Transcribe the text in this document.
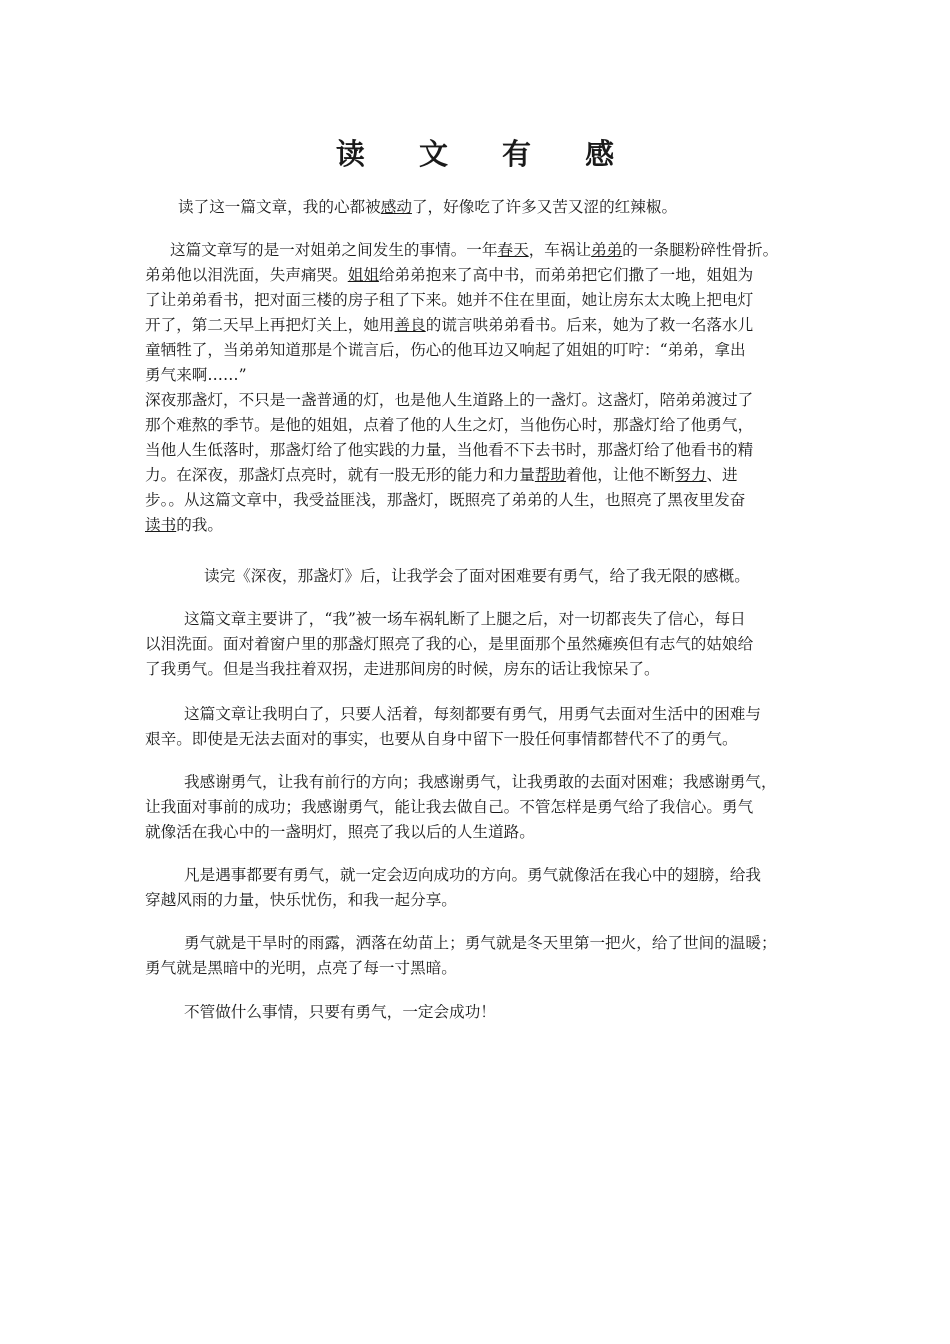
读 文 有 感
读了这一篇文章，我的心都被感动了，好像吃了许多又苦又涩的红辣椒。
这篇文章写的是一对姐弟之间发生的事情。一年春天，车祸让弟弟的一条腿粉碎性骨折。
弟弟他以泪洗面，失声痛哭。姐姐给弟弟抱来了高中书，而弟弟把它们撒了一地，姐姐为
了让弟弟看书，把对面三楼的房子租了下来。她并不住在里面，她让房东太太晚上把电灯
开了，第二天早上再把灯关上，她用善良的谎言哄弟弟看书。后来，她为了救一名落水儿
童牺牲了，当弟弟知道那是个谎言后，伤心的他耳边又响起了姐姐的叮咛：“弟弟，拿出
勇气来啊……”
深夜那盏灯，不只是一盏普通的灯，也是他人生道路上的一盏灯。这盏灯，陪弟弟渡过了
那个难熬的季节。是他的姐姐，点着了他的人生之灯，当他伤心时，那盏灯给了他勇气，
当他人生低落时，那盏灯给了他实践的力量，当他看不下去书时，那盏灯给了他看书的精
力。在深夜，那盏灯点亮时，就有一股无形的能力和力量帮助着他，让他不断努力、进
步。。从这篇文章中，我受益匪浅，那盏灯，既照亮了弟弟的人生，也照亮了黑夜里发奋
读书的我。
读完《深夜，那盏灯》后，让我学会了面对困难要有勇气，给了我无限的感概。
这篇文章主要讲了，“我”被一场车祸轧断了上腿之后，对一切都丧失了信心，每日
以泪洗面。面对着窗户里的那盏灯照亮了我的心，是里面那个虽然瘫痪但有志气的姑娘给
了我勇气。但是当我拄着双拐，走进那间房的时候，房东的话让我惊呆了。
这篇文章让我明白了，只要人活着，每刻都要有勇气，用勇气去面对生活中的困难与
艰辛。即使是无法去面对的事实，也要从自身中留下一股任何事情都替代不了的勇气。
我感谢勇气，让我有前行的方向；我感谢勇气，让我勇敢的去面对困难；我感谢勇气，
让我面对事前的成功；我感谢勇气，能让我去做自己。不管怎样是勇气给了我信心。勇气
就像活在我心中的一盏明灯，照亮了我以后的人生道路。
凡是遇事都要有勇气，就一定会迈向成功的方向。勇气就像活在我心中的翅膀，给我
穿越风雨的力量，快乐忧伤，和我一起分享。
勇气就是干旱时的雨露，洒落在幼苗上；勇气就是冬天里第一把火，给了世间的温暖；
勇气就是黑暗中的光明，点亮了每一寸黑暗。
不管做什么事情，只要有勇气，一定会成功！
